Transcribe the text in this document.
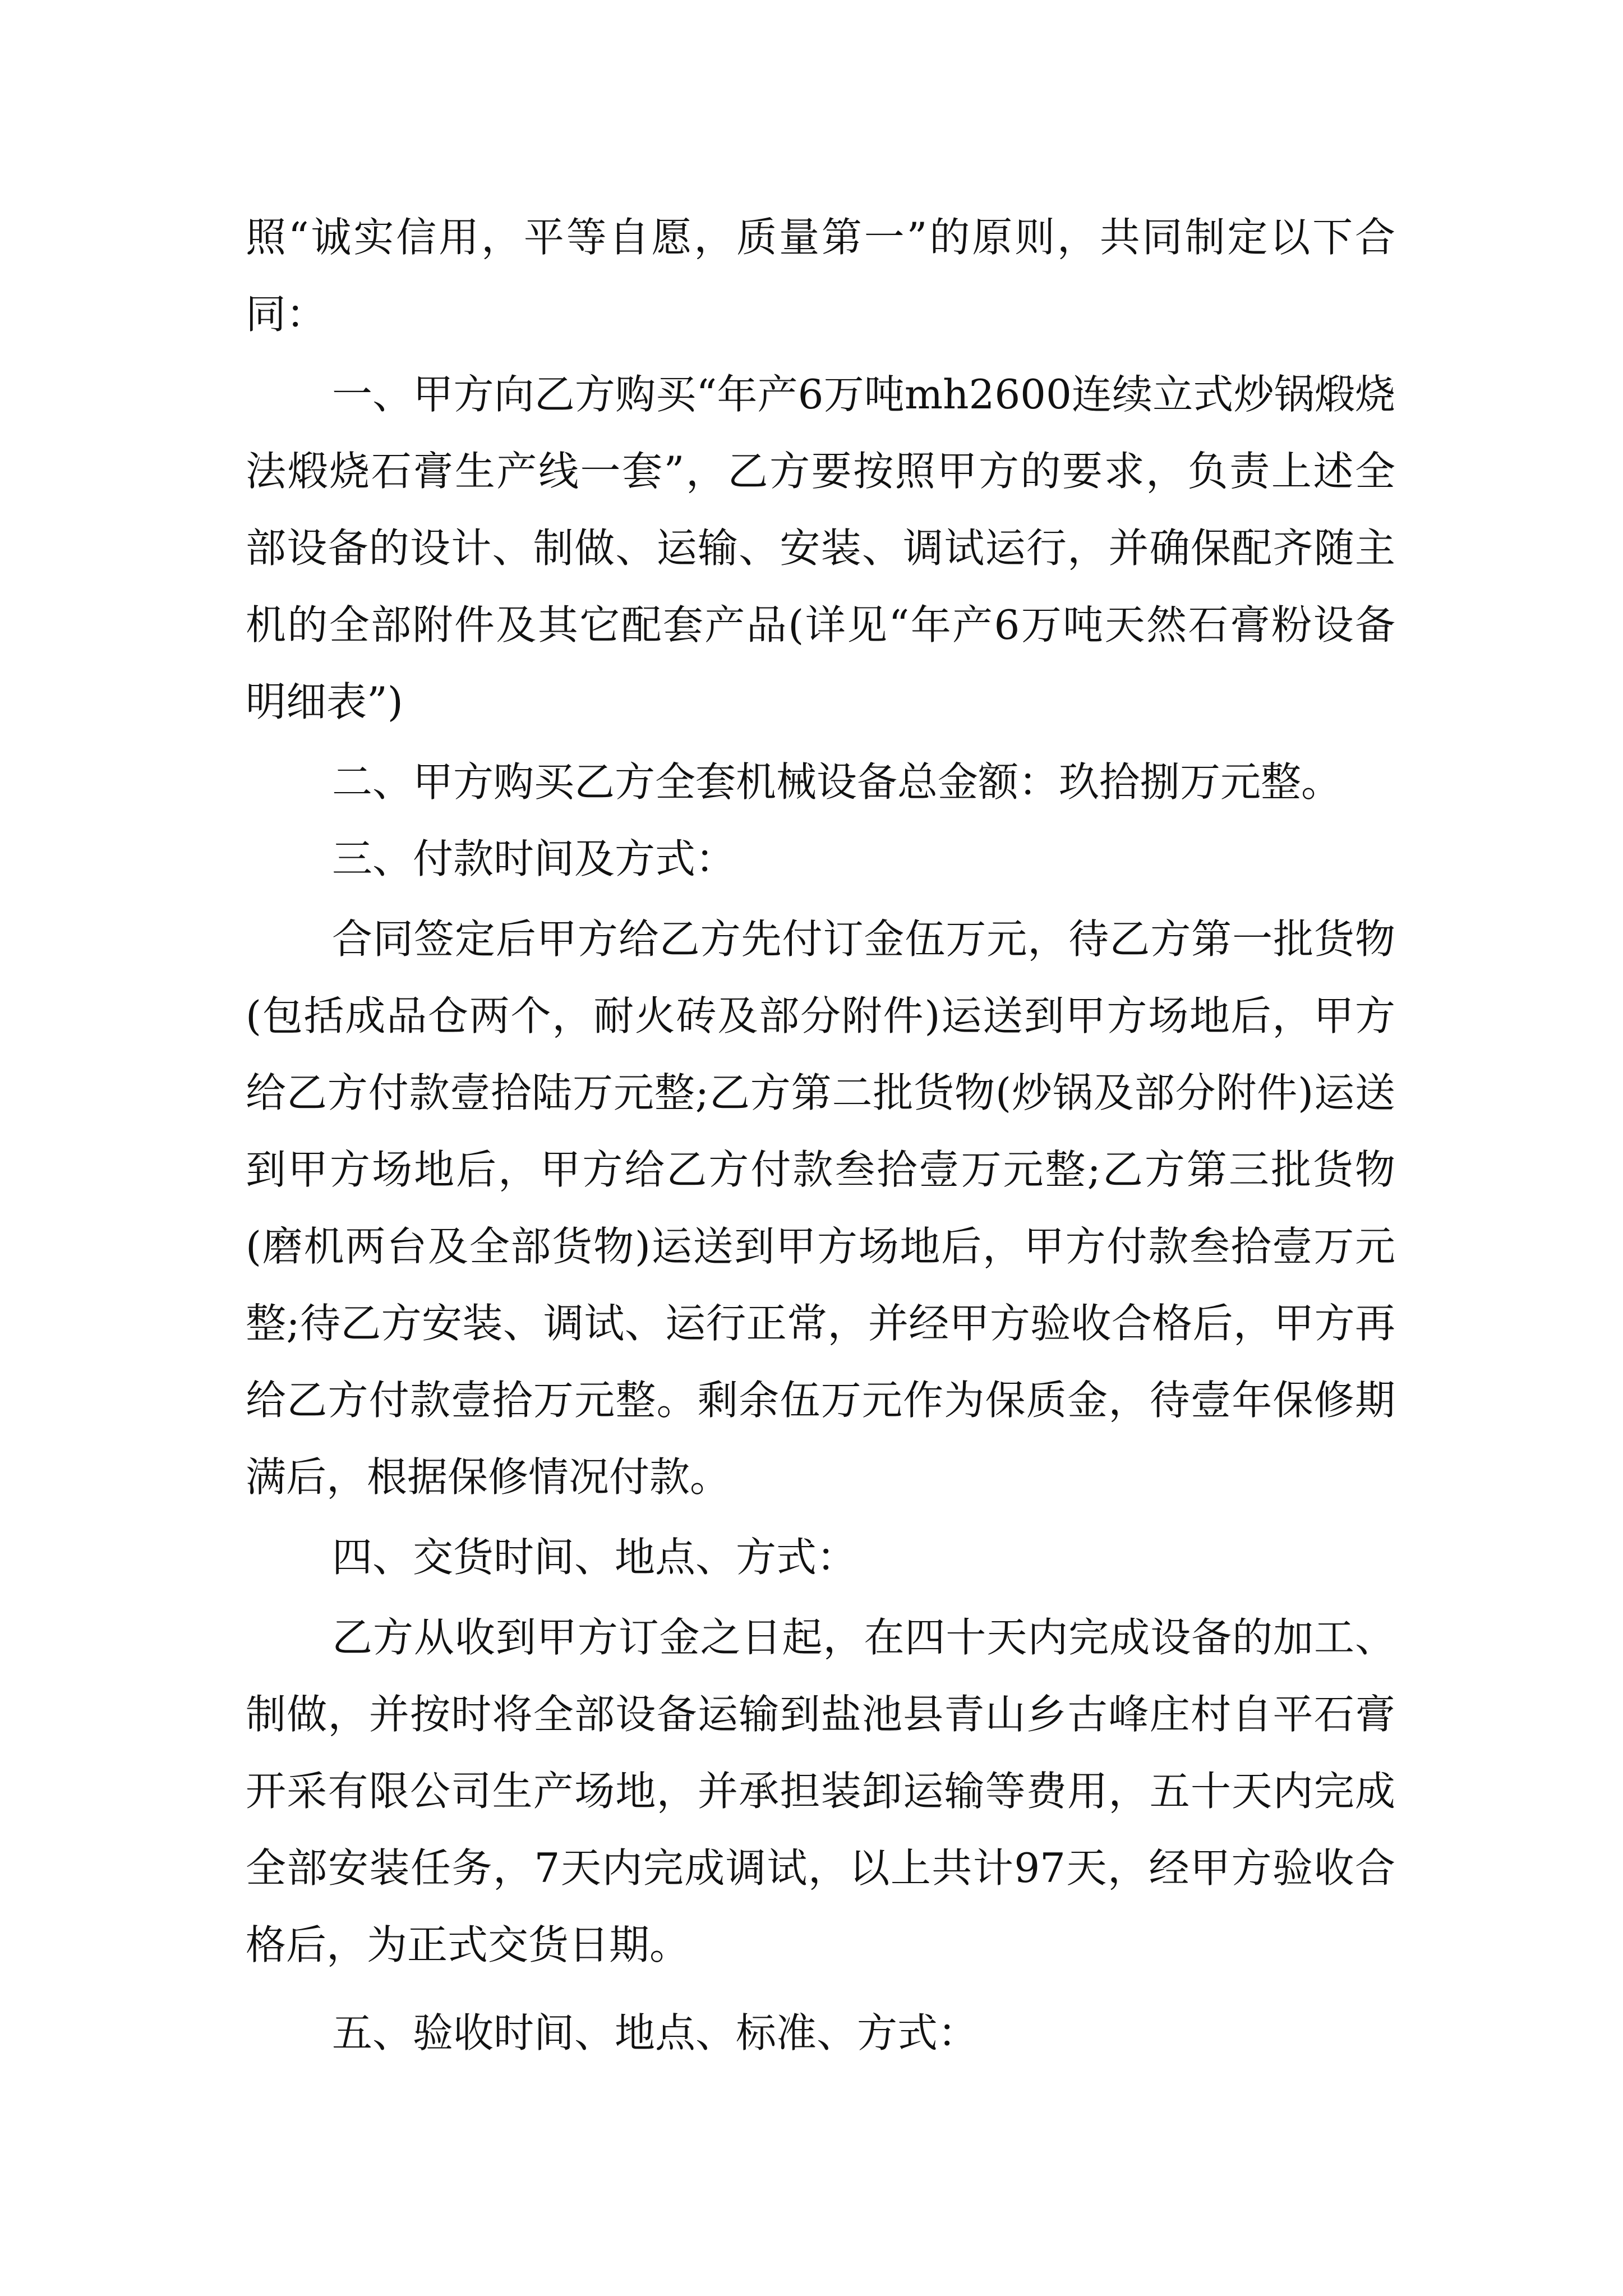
照“诚实信用，平等自愿，质量第一”的原则，共同制定以下合同：

一、甲方向乙方购买“年产6万吨mh2600连续立式炒锅煅烧 法煅烧石膏生产线一套”，乙方要按照甲方的要求，负责上述全部设备的设计、制做、运输、安装、调试运行，并确保配齐随主机的全部附件及其它配套产品(详见“年产6万吨天然石膏粉设备明细表”)

二、甲方购买乙方全套机械设备总金额：玖拾捌万元整。

三、付款时间及方式：

合同签定后甲方给乙方先付订金伍万元，待乙方第一批货物(包括成品仓两个，耐火砖及部分附件)运送到甲方场地后，甲方给乙方付款壹拾陆万元整;乙方第二批货物(炒锅及部分附件)运送到甲方场地后，甲方给乙方付款叁拾壹万元整;乙方第三批货物(磨机两台及全部货物)运送到甲方场地后，甲方付款叁拾壹万元整;待乙方安装、调试、运行正常，并经甲方验收合格后，甲方再给乙方付款壹拾万元整。剩余伍万元作为保质金，待壹年保修期满后，根据保修情况付款。

四、交货时间、地点、方式：

乙方从收到甲方订金之日起，在四十天内完成设备的加工、制做，并按时将全部设备运输到盐池县青山乡古峰庄村自平石膏开采有限公司生产场地，并承担装卸运输等费用，五十天内完成全部安装任务，7天内完成调试，以上共计97天，经甲方验收合格后，为正式交货日期。

五、验收时间、地点、标准、方式：
